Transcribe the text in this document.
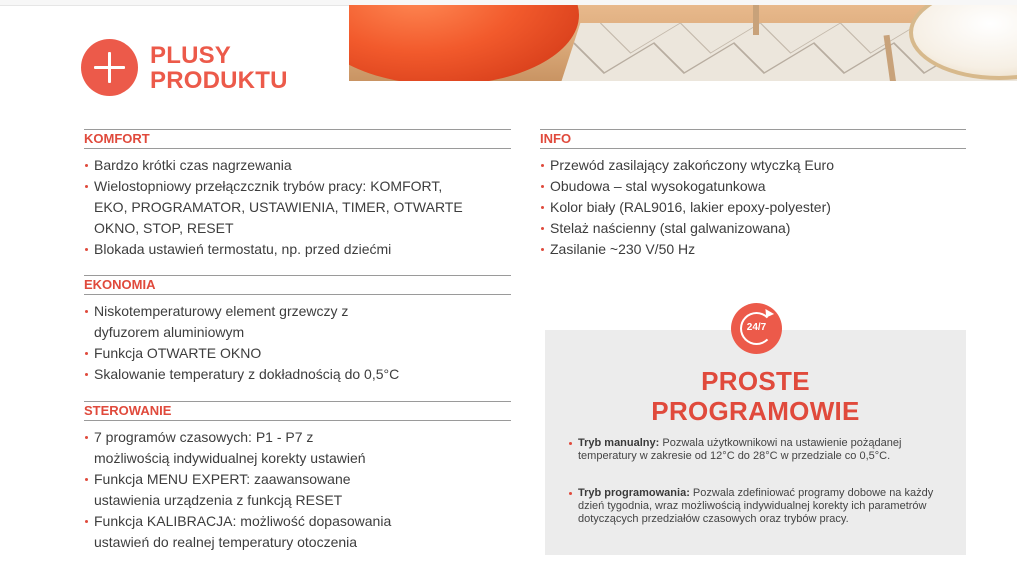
PLUSY
PRODUKTU
KOMFORT
Bardzo krótki czas nagrzewania
Wielostopniowy przełączcznik trybów pracy: KOMFORT,
EKO, PROGRAMATOR, USTAWIENIA, TIMER, OTWARTE
OKNO, STOP, RESET
Blokada ustawień termostatu, np. przed dziećmi
EKONOMIA
Niskotemperaturowy element grzewczy z
dyfuzorem aluminiowym
Funkcja OTWARTE OKNO
Skalowanie temperatury z dokładnością do 0,5°C
STEROWANIE
7 programów czasowych: P1 - P7 z
możliwością indywidualnej korekty ustawień
Funkcja MENU EXPERT: zaawansowane
ustawienia urządzenia z funkcją RESET
Funkcja KALIBRACJA: możliwość dopasowania
ustawień do realnej temperatury otoczenia
INFO
Przewód zasilający zakończony wtyczką Euro
Obudowa – stal wysokogatunkowa
Kolor biały (RAL9016, lakier epoxy-polyester)
Stelaż naścienny (stal galwanizowana)
Zasilanie ~230 V/50 Hz
24/7
PROSTE
PROGRAMOWIE
Tryb manualny: Pozwala użytkownikowi na ustawienie pożądanej temperatury w zakresie od 12°C do 28°C w przedziale co 0,5°C.
Tryb programowania: Pozwala zdefiniować programy dobowe na każdy dzień tygodnia, wraz możliwością indywidualnej korekty ich parametrów dotyczących przedziałów czasowych oraz trybów pracy.
